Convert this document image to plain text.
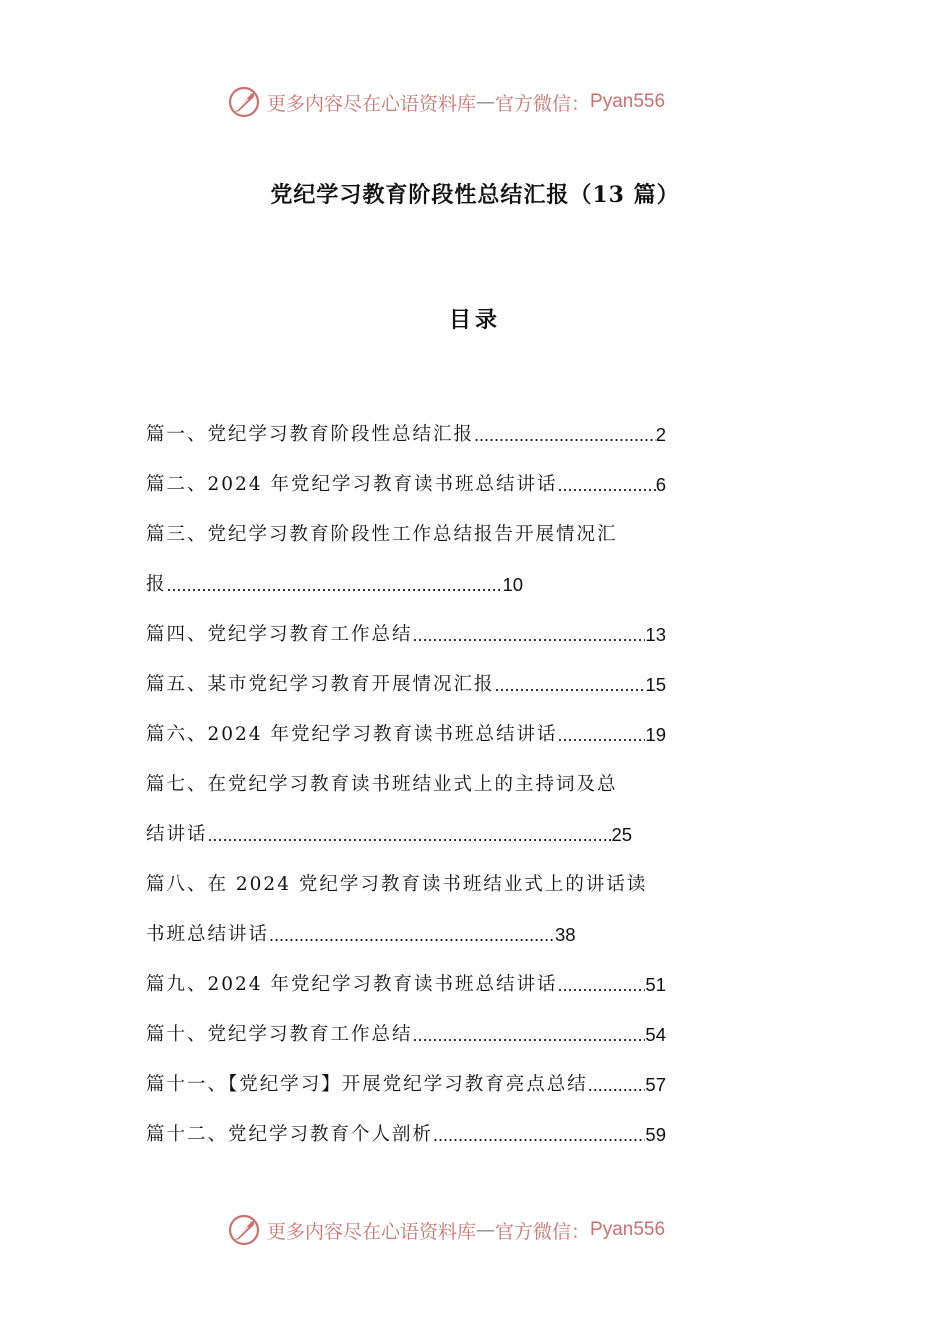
更多内容尽在心语资料库 — 官方微信： Pyan556
党纪学习教育阶段性总结汇报（13 篇）
目录
篇一、党纪学习教育阶段性总结汇报 .....	2
篇二、2024 年党纪学习教育读书班总结讲话 .....	6
篇三、党纪学习教育阶段性工作总结报告开展情况汇
报 .....	10
篇四、党纪学习教育工作总结 .....	13
篇五、某市党纪学习教育开展情况汇报 .....	15
篇六、2024 年党纪学习教育读书班总结讲话 .....	19
篇七、在党纪学习教育读书班结业式上的主持词及总
结讲话 .....	25
篇八、在 2024 党纪学习教育读书班结业式上的讲话读
书班总结讲话 .....	38
篇九、2024 年党纪学习教育读书班总结讲话 .....	51
篇十、党纪学习教育工作总结 .....	54
篇十一、【党纪学习】开展党纪学习教育亮点总结 .....	57
篇十二、党纪学习教育个人剖析 .....	59
更多内容尽在心语资料库 — 官方微信： Pyan556
